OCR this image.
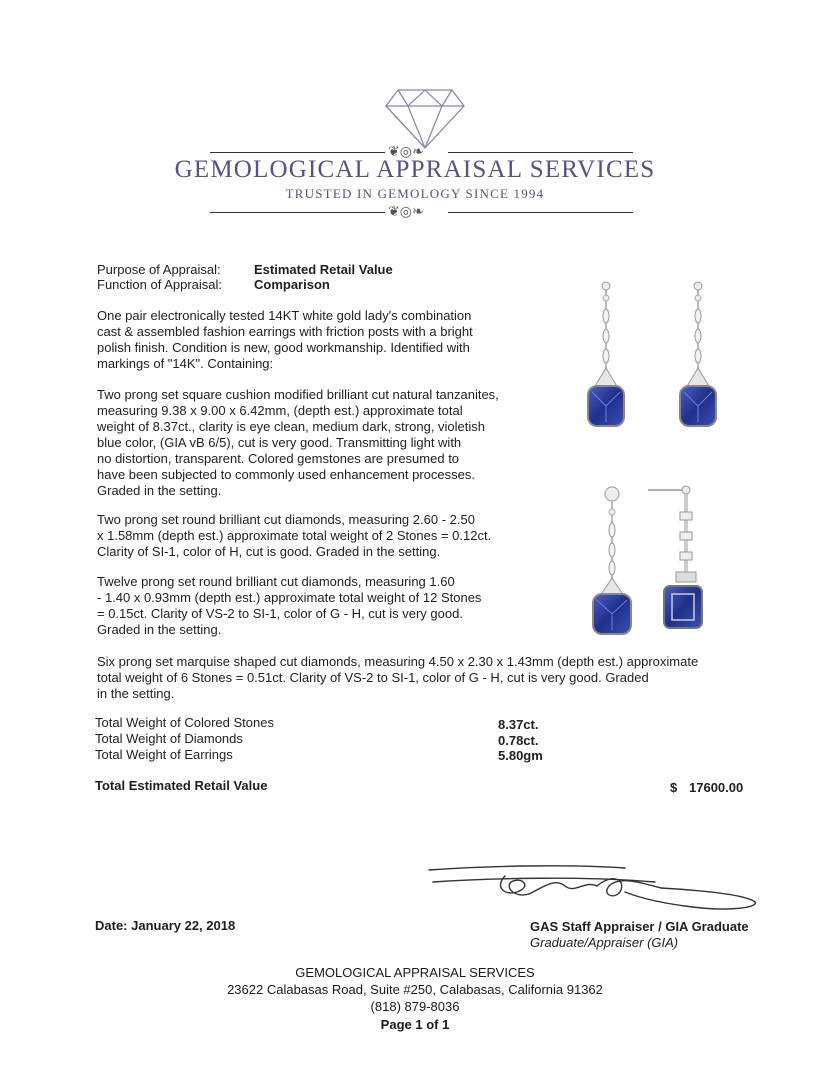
❦◎❧
GEMOLOGICAL APPRAISAL SERVICES
TRUSTED IN GEMOLOGY SINCE 1994
❦◎❧
Purpose of Appraisal:	Estimated Retail Value
Function of Appraisal:	Comparison
One pair electronically tested 14KT white gold lady's combination
cast & assembled fashion earrings with friction posts with a bright
polish finish. Condition is new, good workmanship. Identified with
markings of "14K". Containing:
Two prong set square cushion modified brilliant cut natural tanzanites,
measuring 9.38 x 9.00 x 6.42mm, (depth est.) approximate total
weight of 8.37ct., clarity is eye clean, medium dark, strong, violetish
blue color, (GIA vB 6/5), cut is very good. Transmitting light with
no distortion, transparent. Colored gemstones are presumed to
have been subjected to commonly used enhancement processes.
Graded in the setting.
Two prong set round brilliant cut diamonds, measuring 2.60 - 2.50
x 1.58mm (depth est.) approximate total weight of 2 Stones = 0.12ct.
Clarity of SI-1, color of H, cut is good. Graded in the setting.
Twelve prong set round brilliant cut diamonds, measuring 1.60
- 1.40 x 0.93mm (depth est.) approximate total weight of 12 Stones
= 0.15ct. Clarity of VS-2 to SI-1, color of G - H, cut is very good.
Graded in the setting.
Six prong set marquise shaped cut diamonds, measuring 4.50 x 2.30 x 1.43mm (depth est.) approximate
total weight of 6 Stones = 0.51ct. Clarity of VS-2 to SI-1, color of G - H, cut is very good. Graded
in the setting.
Total Weight of Colored Stones	8.37ct.
Total Weight of Diamonds	0.78ct.
Total Weight of Earrings	5.80gm
Total Estimated Retail Value	$ 17600.00
Date: January 22, 2018	GAS Staff Appraiser / GIA Graduate
Graduate/Appraiser (GIA)
GEMOLOGICAL APPRAISAL SERVICES
23622 Calabasas Road, Suite #250, Calabasas, California 91362
(818) 879-8036
Page 1 of 1
